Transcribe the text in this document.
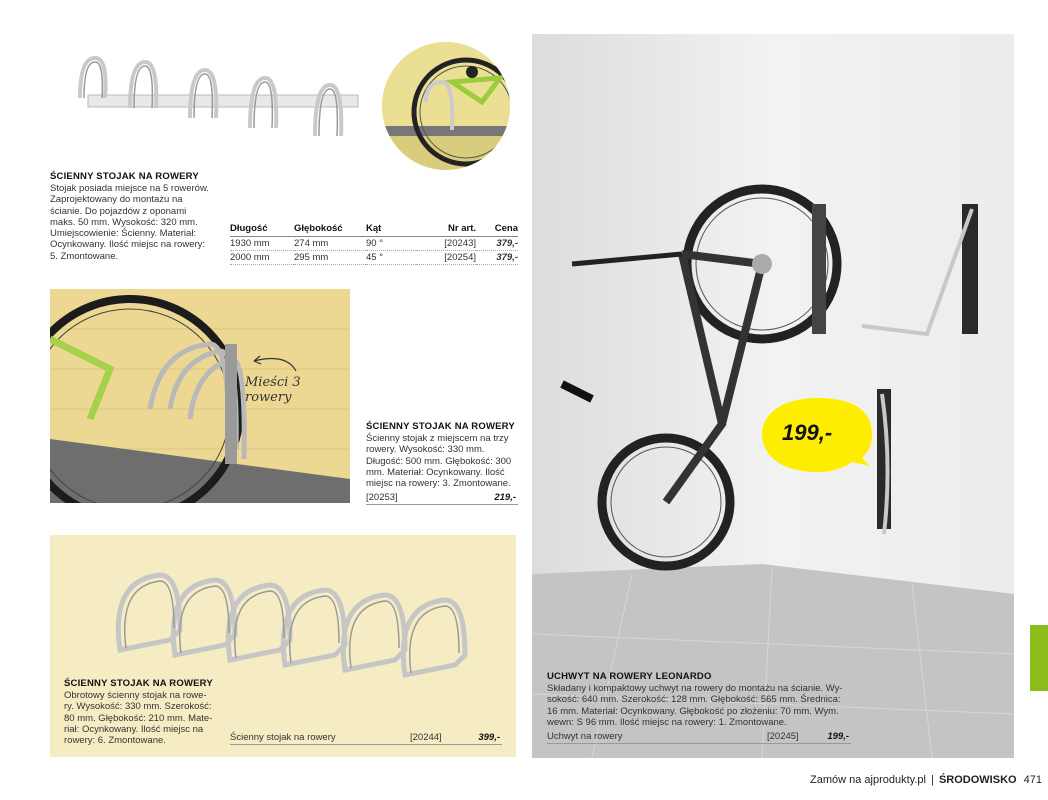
ŚCIENNY STOJAK NA ROWERY
Stojak posiada miejsce na 5 rowerów. Zaprojektowany do montażu na ścianie. Do pojazdów z oponami maks. 50 mm. Wysokość: 320 mm. Umiejscowienie: Ścienny. Materiał: Ocynkowany. Ilość miejsc na rowery: 5. Zmontowane.
Długość	Głębokość	Kąt	Nr art.	Cena
1930 mm	274 mm	90 °	[20243]	379,-
2000 mm	295 mm	45 °	[20254]	379,-
Mieści 3 rowery
ŚCIENNY STOJAK NA ROWERY
Ścienny stojak z miejscem na trzy rowery. Wysokość: 330 mm. Długość: 500 mm. Głębokość: 300 mm. Materiał: Ocynkowany. Ilość miejsc na rowery: 3. Zmontowane.
[20253]	219,-
ŚCIENNY STOJAK NA ROWERY
Obrotowy ścienny stojak na rowe- ry. Wysokość: 330 mm. Szerokość: 80 mm. Głębokość: 210 mm. Mate- riał: Ocynkowany. Ilość miejsc na rowery: 6. Zmontowane.	Ścienny stojak na rowery	[20244]	399,-
199,-
UCHWYT NA ROWERY LEONARDO
Składany i kompaktowy uchwyt na rowery do montażu na ścianie. Wy- sokość: 640 mm. Szerokość: 128 mm. Głębokość: 565 mm. Średnica: 16 mm. Materiał: Ocynkowany. Głębokość po złożeniu: 70 mm. Wym. wewn: S 96 mm. Ilość miejsc na rowery: 1. Zmontowane.
Uchwyt na rowery	[20245]	199,-
Zamów na ajprodukty.pl | ŚRODOWISKO 471
